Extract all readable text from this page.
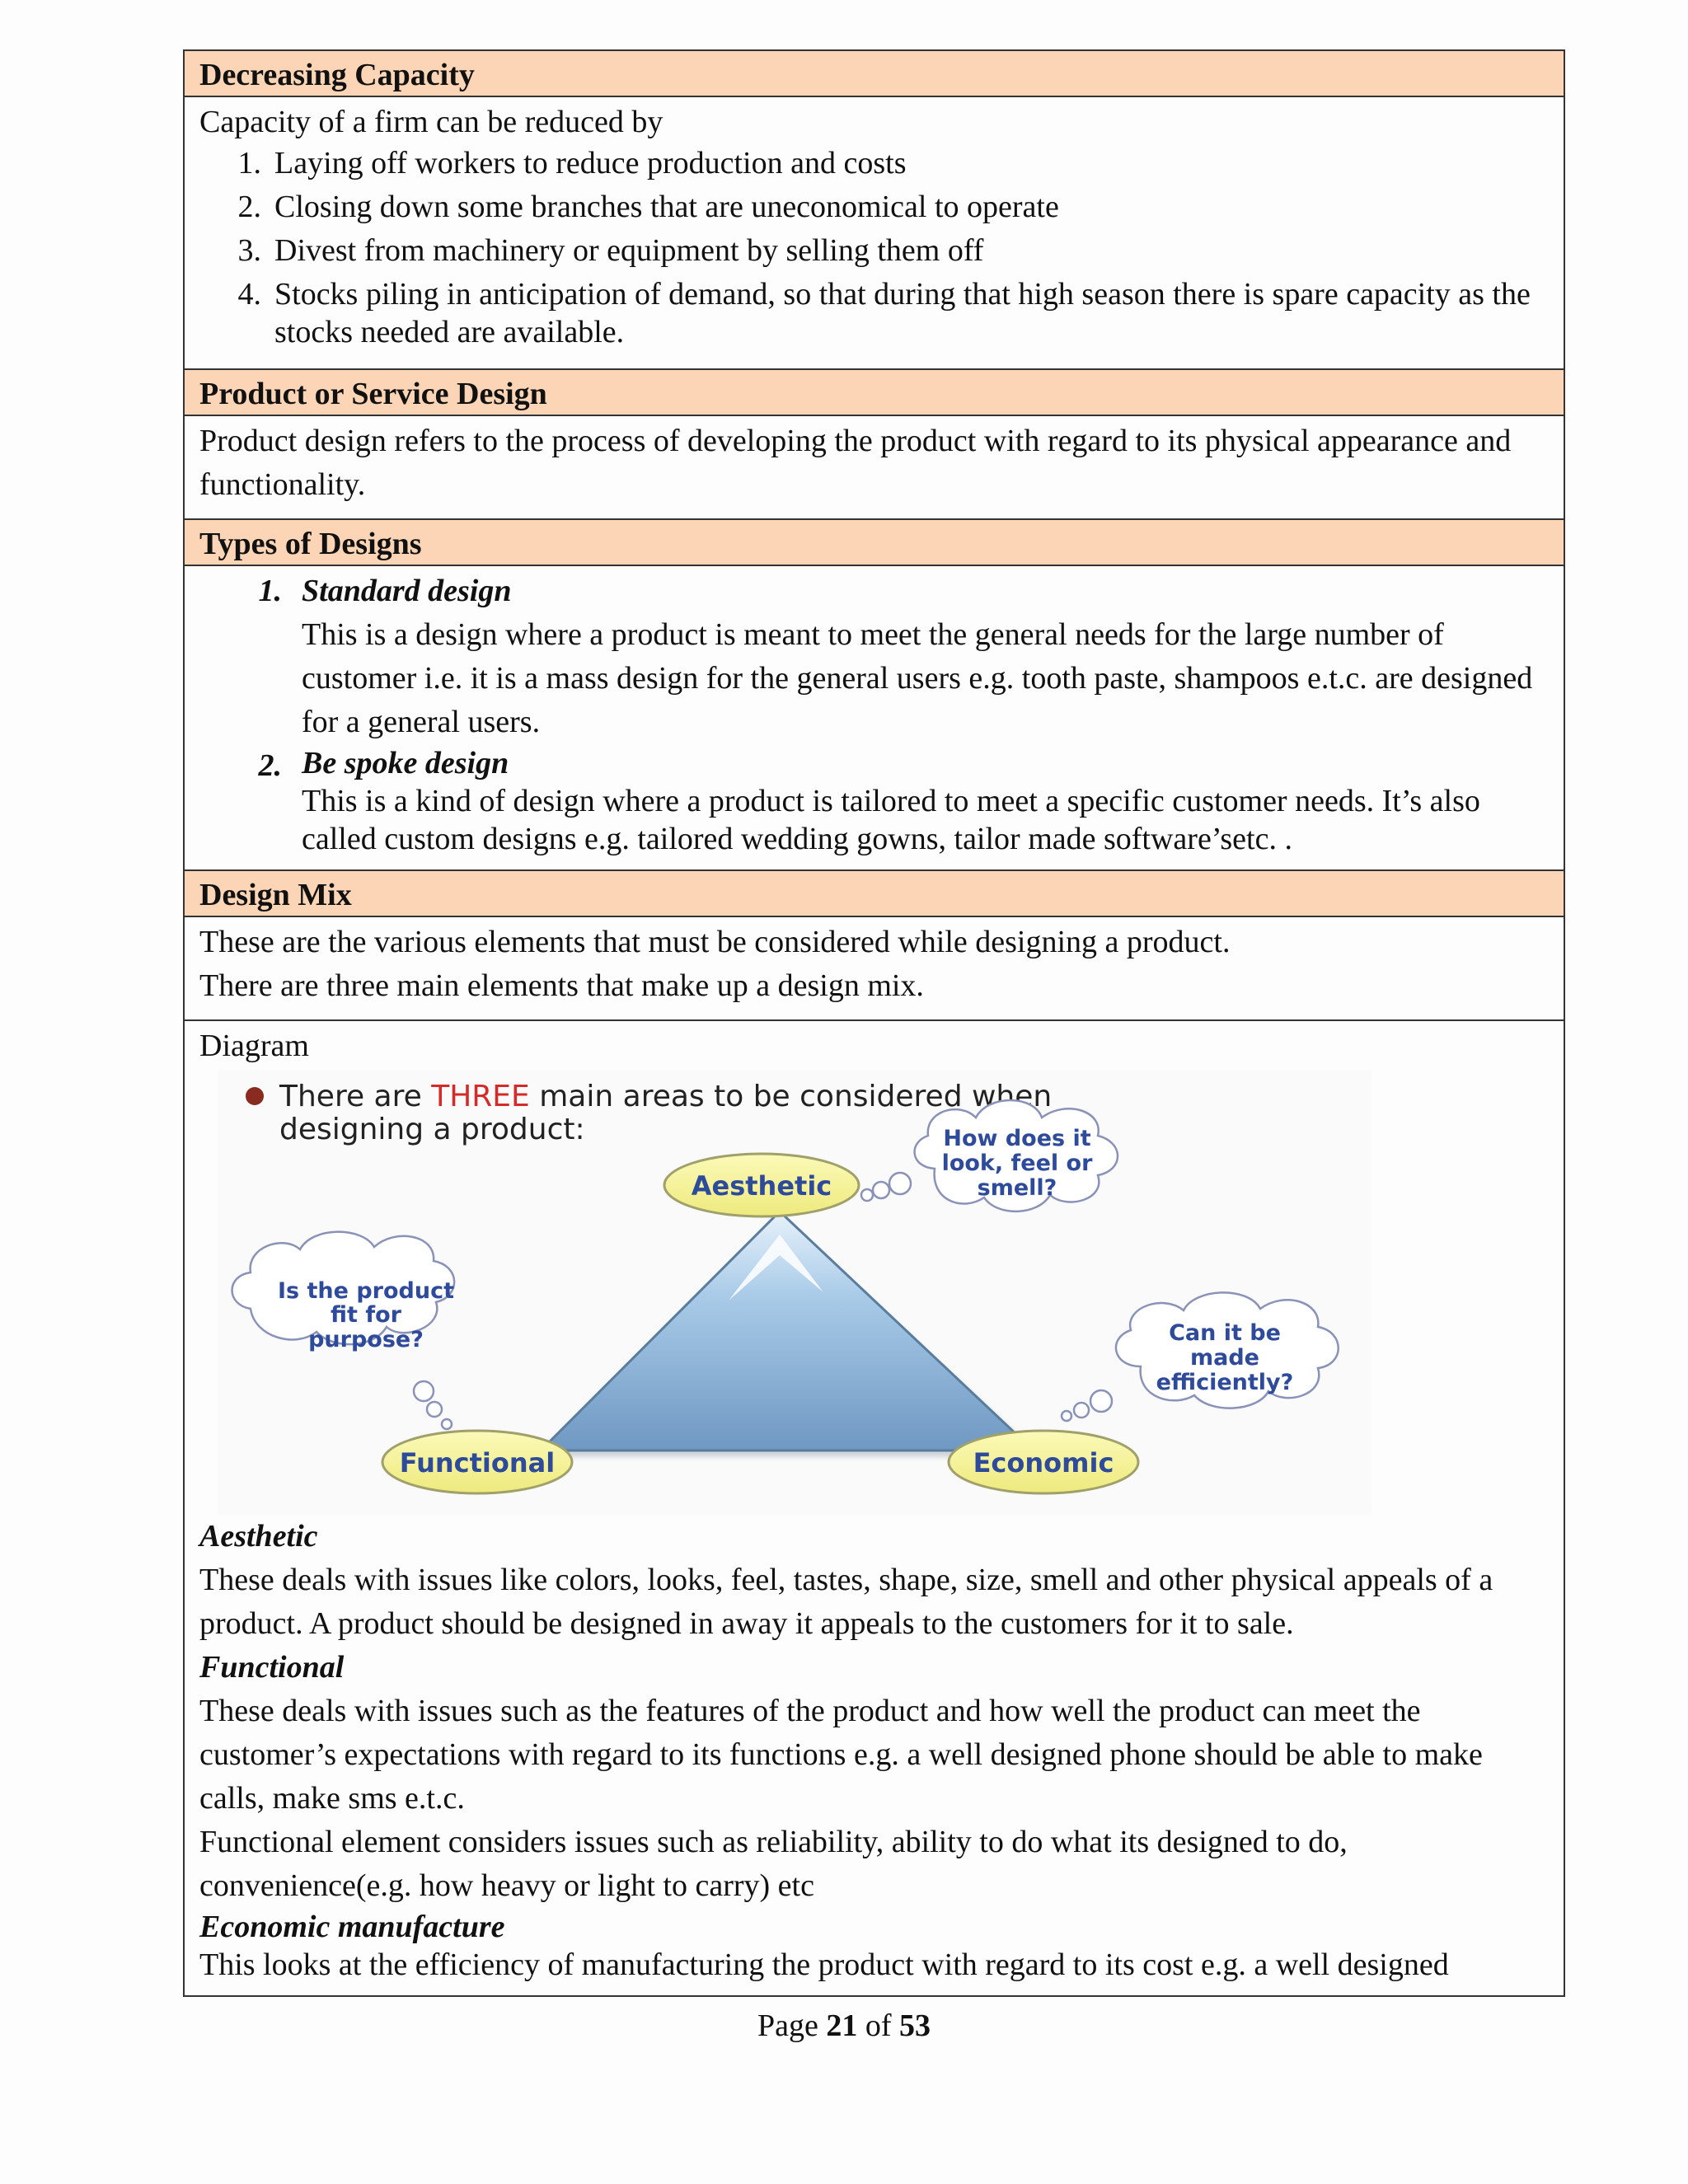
Decreasing Capacity

Capacity of a firm can be reduced by

1. Laying off workers to reduce production and costs
2. Closing down some branches that are uneconomical to operate
3. Divest from machinery or equipment by selling them off
4. Stocks piling in anticipation of demand, so that during that high season there is spare capacity as the stocks needed are available.
Product or Service Design

Product design refers to the process of developing the product with regard to its physical appearance and functionality.

Types of Designs
1. Standard design
This is a design where a product is meant to meet the general needs for the large number of customer i.e. it is a mass design for the general users e.g. tooth paste, shampoos e.t.c. are designed for a general users.
2. Be spoke design
This is a kind of design where a product is tailored to meet a specific customer needs. It’s also called custom designs e.g. tailored wedding gowns, tailor made software’setc. .
Design Mix

These are the various elements that must be considered while designing a product.

There are three main elements that make up a design mix.

Diagram

There are THREE main areas to be considered when
designing a product:
Aesthetic
Functional	Economic
How does it
look, feel or
smell?
Is the product
fit for
purpose?	Can it be
made
efficiently?
Aesthetic

These deals with issues like colors, looks, feel, tastes, shape, size, smell and other physical appeals of a product. A product should be designed in away it appeals to the customers for it to sale.

Functional

These deals with issues such as the features of the product and how well the product can meet the customer’s expectations with regard to its functions e.g. a well designed phone should be able to make calls, make sms e.t.c.

Functional element considers issues such as reliability, ability to do what its designed to do, convenience(e.g. how heavy or light to carry) etc

Economic manufacture

This looks at the efficiency of manufacturing the product with regard to its cost e.g. a well designed

Page 21 of 53
